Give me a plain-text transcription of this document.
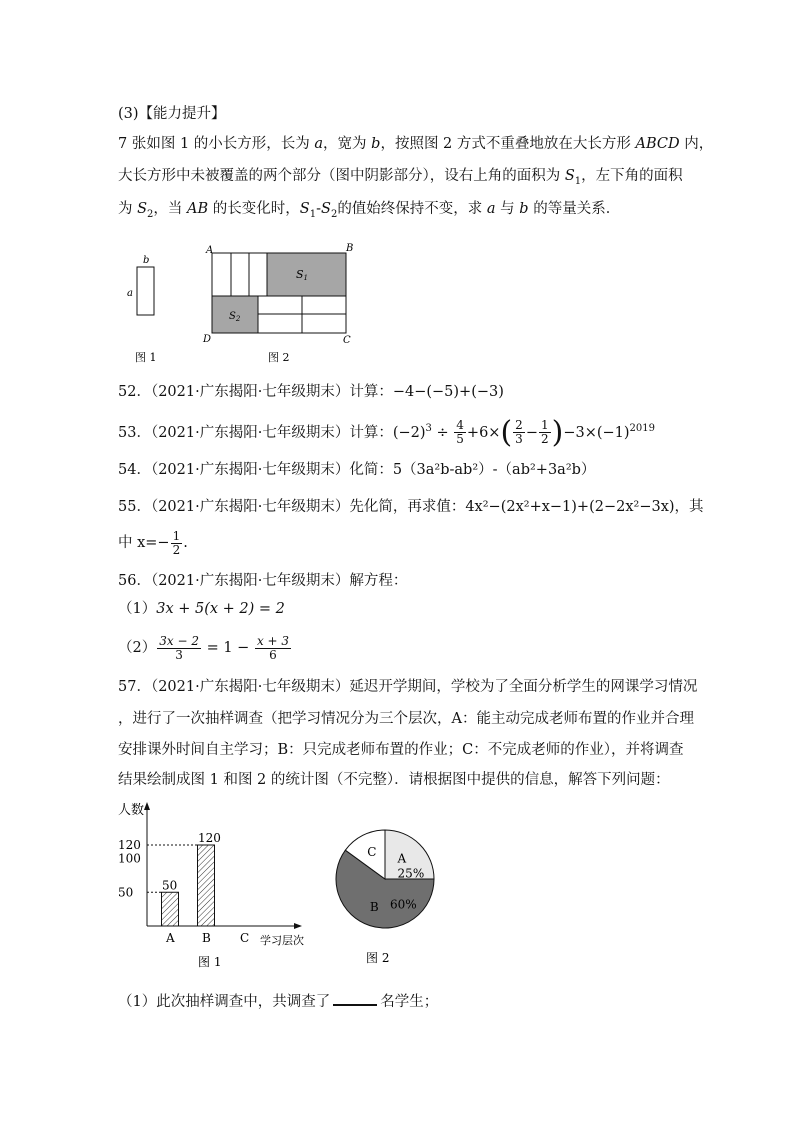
(3)【能力提升】
7 张如图 1 的小长方形，长为 a，宽为 b，按照图 2 方式不重叠地放在大长方形 ABCD 内，
大长方形中未被覆盖的两个部分（图中阴影部分），设右上角的面积为 $S_1$，左下角的面积
为 $S_2$，当 AB 的长变化时，$S_1-S_2$的值始终保持不变，求 a 与 b 的等量关系．
b
a
图 1
A	B
C
D
S1
$S_2$
图 2
52．（2021·广东揭阳·七年级期末）计算：−4−(−5)+(−3)
53．（2021·广东揭阳·七年级期末）计算：$(-2)^3 \div \frac{4}{5} +6\times( \frac{2}{3} - \frac{1}{2} )-3\times(-1)^{2019}$
54．（2021·广东揭阳·七年级期末）化简：5（3a²b-ab²）-（ab²+3a²b）
55．（2021·广东揭阳·七年级期末）先化简，再求值：4x²−(2x²+x−1)+(2−2x²−3x)，其
中 $x=- \frac{1}{2}$ .
56．（2021·广东揭阳·七年级期末）解方程：
（1）3x + 5(x + 2) = 2
$(2) \frac{3x - 2}{3} = 1 - \frac{x + 3}{6}$
57．（2021·广东揭阳·七年级期末）延迟开学期间，学校为了全面分析学生的网课学习情况
，进行了一次抽样调查（把学习情况分为三个层次，A：能主动完成老师布置的作业并合理
安排课外时间自主学习；B：只完成老师布置的作业；C：不完成老师的作业），并将调查
结果绘制成图 1 和图 2 的统计图（不完整）．请根据图中提供的信息，解答下列问题：
人数
学习层次
50
100
120
A
50
B
120
C
图 1
A
25%
B 60%
C
图 2
（1）此次抽样调查中，共调查了	名学生；
